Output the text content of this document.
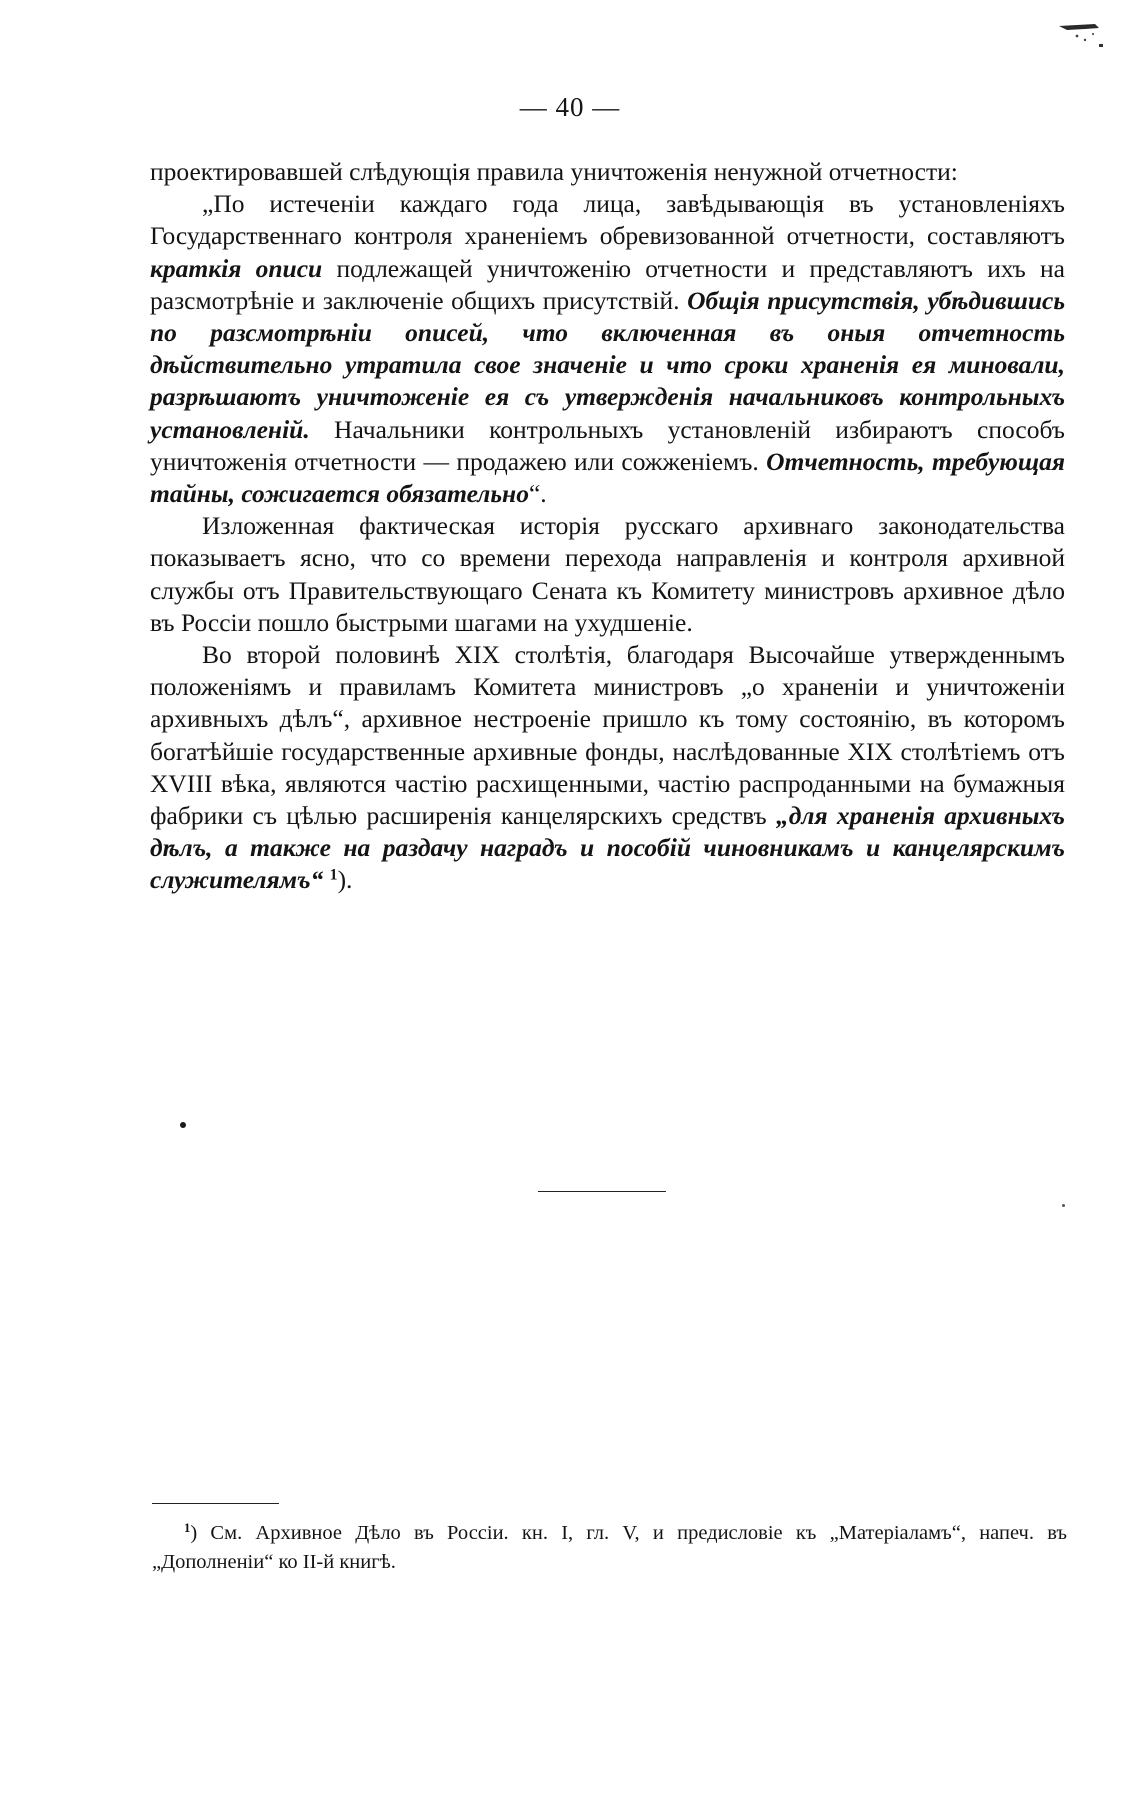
— 40 —

проектировавшей слѣдующія правила уничтоженія ненужной отчетности:

„По истеченіи каждаго года лица, завѣдывающія въ установленіяхъ Государственнаго контроля храненіемъ обревизованной отчетности, составляютъ краткія описи подлежащей уничтоженію отчетности и представляютъ ихъ на разсмотрѣніе и заключеніе общихъ присутствій. Общія присутствія, убѣдившись по разсмотрѣніи описей, что включенная въ оныя отчетность дѣйствительно утратила свое значеніе и что сроки храненія ея миновали, разрѣшаютъ уничтоженіе ея съ утвержденія начальниковъ контрольныхъ установленій. Начальники контрольныхъ установленій избираютъ способъ уничтоженія отчетности — продажею или сожженіемъ. Отчетность, требующая тайны, сожигается обязательно“.

Изложенная фактическая исторія русскаго архивнаго законодательства показываетъ ясно, что со времени перехода направленія и контроля архивной службы отъ Правительствующаго Сената къ Комитету министровъ архивное дѣло въ Россіи пошло быстрыми шагами на ухудшеніе.

Во второй половинѣ XIX столѣтія, благодаря Высочайше утвержденнымъ положеніямъ и правиламъ Комитета министровъ „о храненіи и уничтоженіи архивныхъ дѣлъ“, архивное нестроеніе пришло къ тому состоянію, въ которомъ богатѣйшіе государственные архивные фонды, наслѣдованные XIX столѣтіемъ отъ XVIII вѣка, являются частію расхищенными, частію распроданными на бумажныя фабрики съ цѣлью расширенія канцелярскихъ средствъ „для храненія архивныхъ дѣлъ, а также на раздачу наградъ и пособій чиновникамъ и канцелярскимъ служителямъ“ $^1$).

$^1$) См. Архивное Дѣло въ Россіи. кн. I, гл. V, и предисловіе къ „Матеріаламъ“, напеч. въ „Дополненіи“ ко II-й книгѣ.
